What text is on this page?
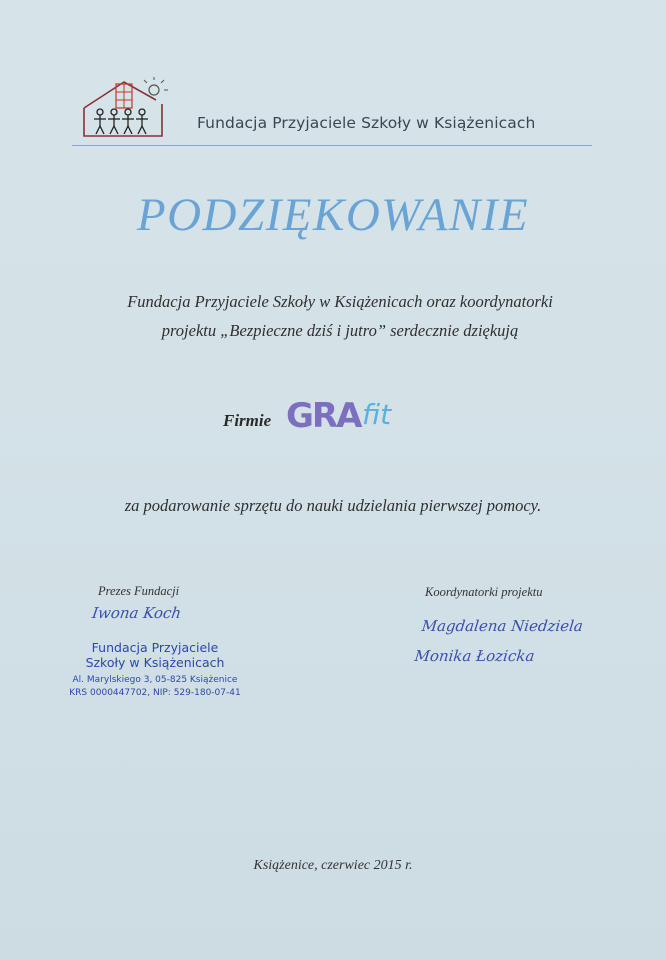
Fundacja Przyjaciele Szkoły w Książenicach
PODZIĘKOWANIE

Fundacja Przyjaciele Szkoły w Książenicach oraz koordynatorki

projektu „Bezpieczne dziś i jutro” serdecznie dziękują

Firmie GRA fit
za podarowanie sprzętu do nauki udzielania pierwszej pomocy.
Prezes Fundacji
Iwona Koch
Fundacja Przyjaciele
Szkoły w Książenicach
Al. Marylskiego 3, 05-825 Książenice
KRS 0000447702, NIP: 529-180-07-41
Koordynatorki projektu
Magdalena Niedziela
Monika Łozicka
Książenice, czerwiec 2015 r.
